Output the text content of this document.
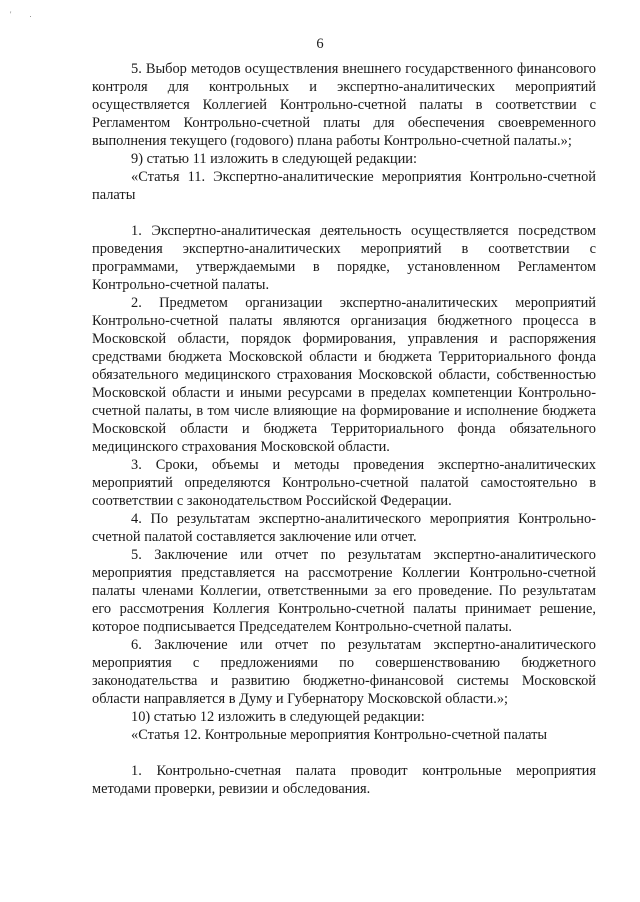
' .
6

5. Выбор методов осуществления внешнего государственного финансового контроля для контрольных и экспертно-аналитических мероприятий осуществляется Коллегией Контрольно-счетной палаты в соответствии с Регламентом Контрольно-счетной платы для обеспечения своевременного выполнения текущего (годового) плана работы Контрольно-счетной палаты.»;

9) статью 11 изложить в следующей редакции:

«Статья 11. Экспертно-аналитические мероприятия Контрольно-счетной палаты

1. Экспертно-аналитическая деятельность осуществляется посредством проведения экспертно-аналитических мероприятий в соответствии с программами, утверждаемыми в порядке, установленном Регламентом Контрольно-счетной палаты.

2. Предметом организации экспертно-аналитических мероприятий Контрольно-счетной палаты являются организация бюджетного процесса в Московской области, порядок формирования, управления и распоряжения средствами бюджета Московской области и бюджета Территориального фонда обязательного медицинского страхования Московской области, собственностью Московской области и иными ресурсами в пределах компетенции Контрольно-счетной палаты, в том числе влияющие на формирование и исполнение бюджета Московской области и бюджета Территориального фонда обязательного медицинского страхования Московской области.

3. Сроки, объемы и методы проведения экспертно-аналитических мероприятий определяются Контрольно-счетной палатой самостоятельно в соответствии с законодательством Российской Федерации.

4. По результатам экспертно-аналитического мероприятия Контрольно-счетной палатой составляется заключение или отчет.

5. Заключение или отчет по результатам экспертно-аналитического мероприятия представляется на рассмотрение Коллегии Контрольно-счетной палаты членами Коллегии, ответственными за его проведение. По результатам его рассмотрения Коллегия Контрольно-счетной палаты принимает решение, которое подписывается Председателем Контрольно-счетной палаты.

6. Заключение или отчет по результатам экспертно-аналитического мероприятия с предложениями по совершенствованию бюджетного законодательства и развитию бюджетно-финансовой системы Московской области направляется в Думу и Губернатору Московской области.»;

10) статью 12 изложить в следующей редакции:

«Статья 12. Контрольные мероприятия Контрольно-счетной палаты

1. Контрольно-счетная палата проводит контрольные мероприятия методами проверки, ревизии и обследования.
